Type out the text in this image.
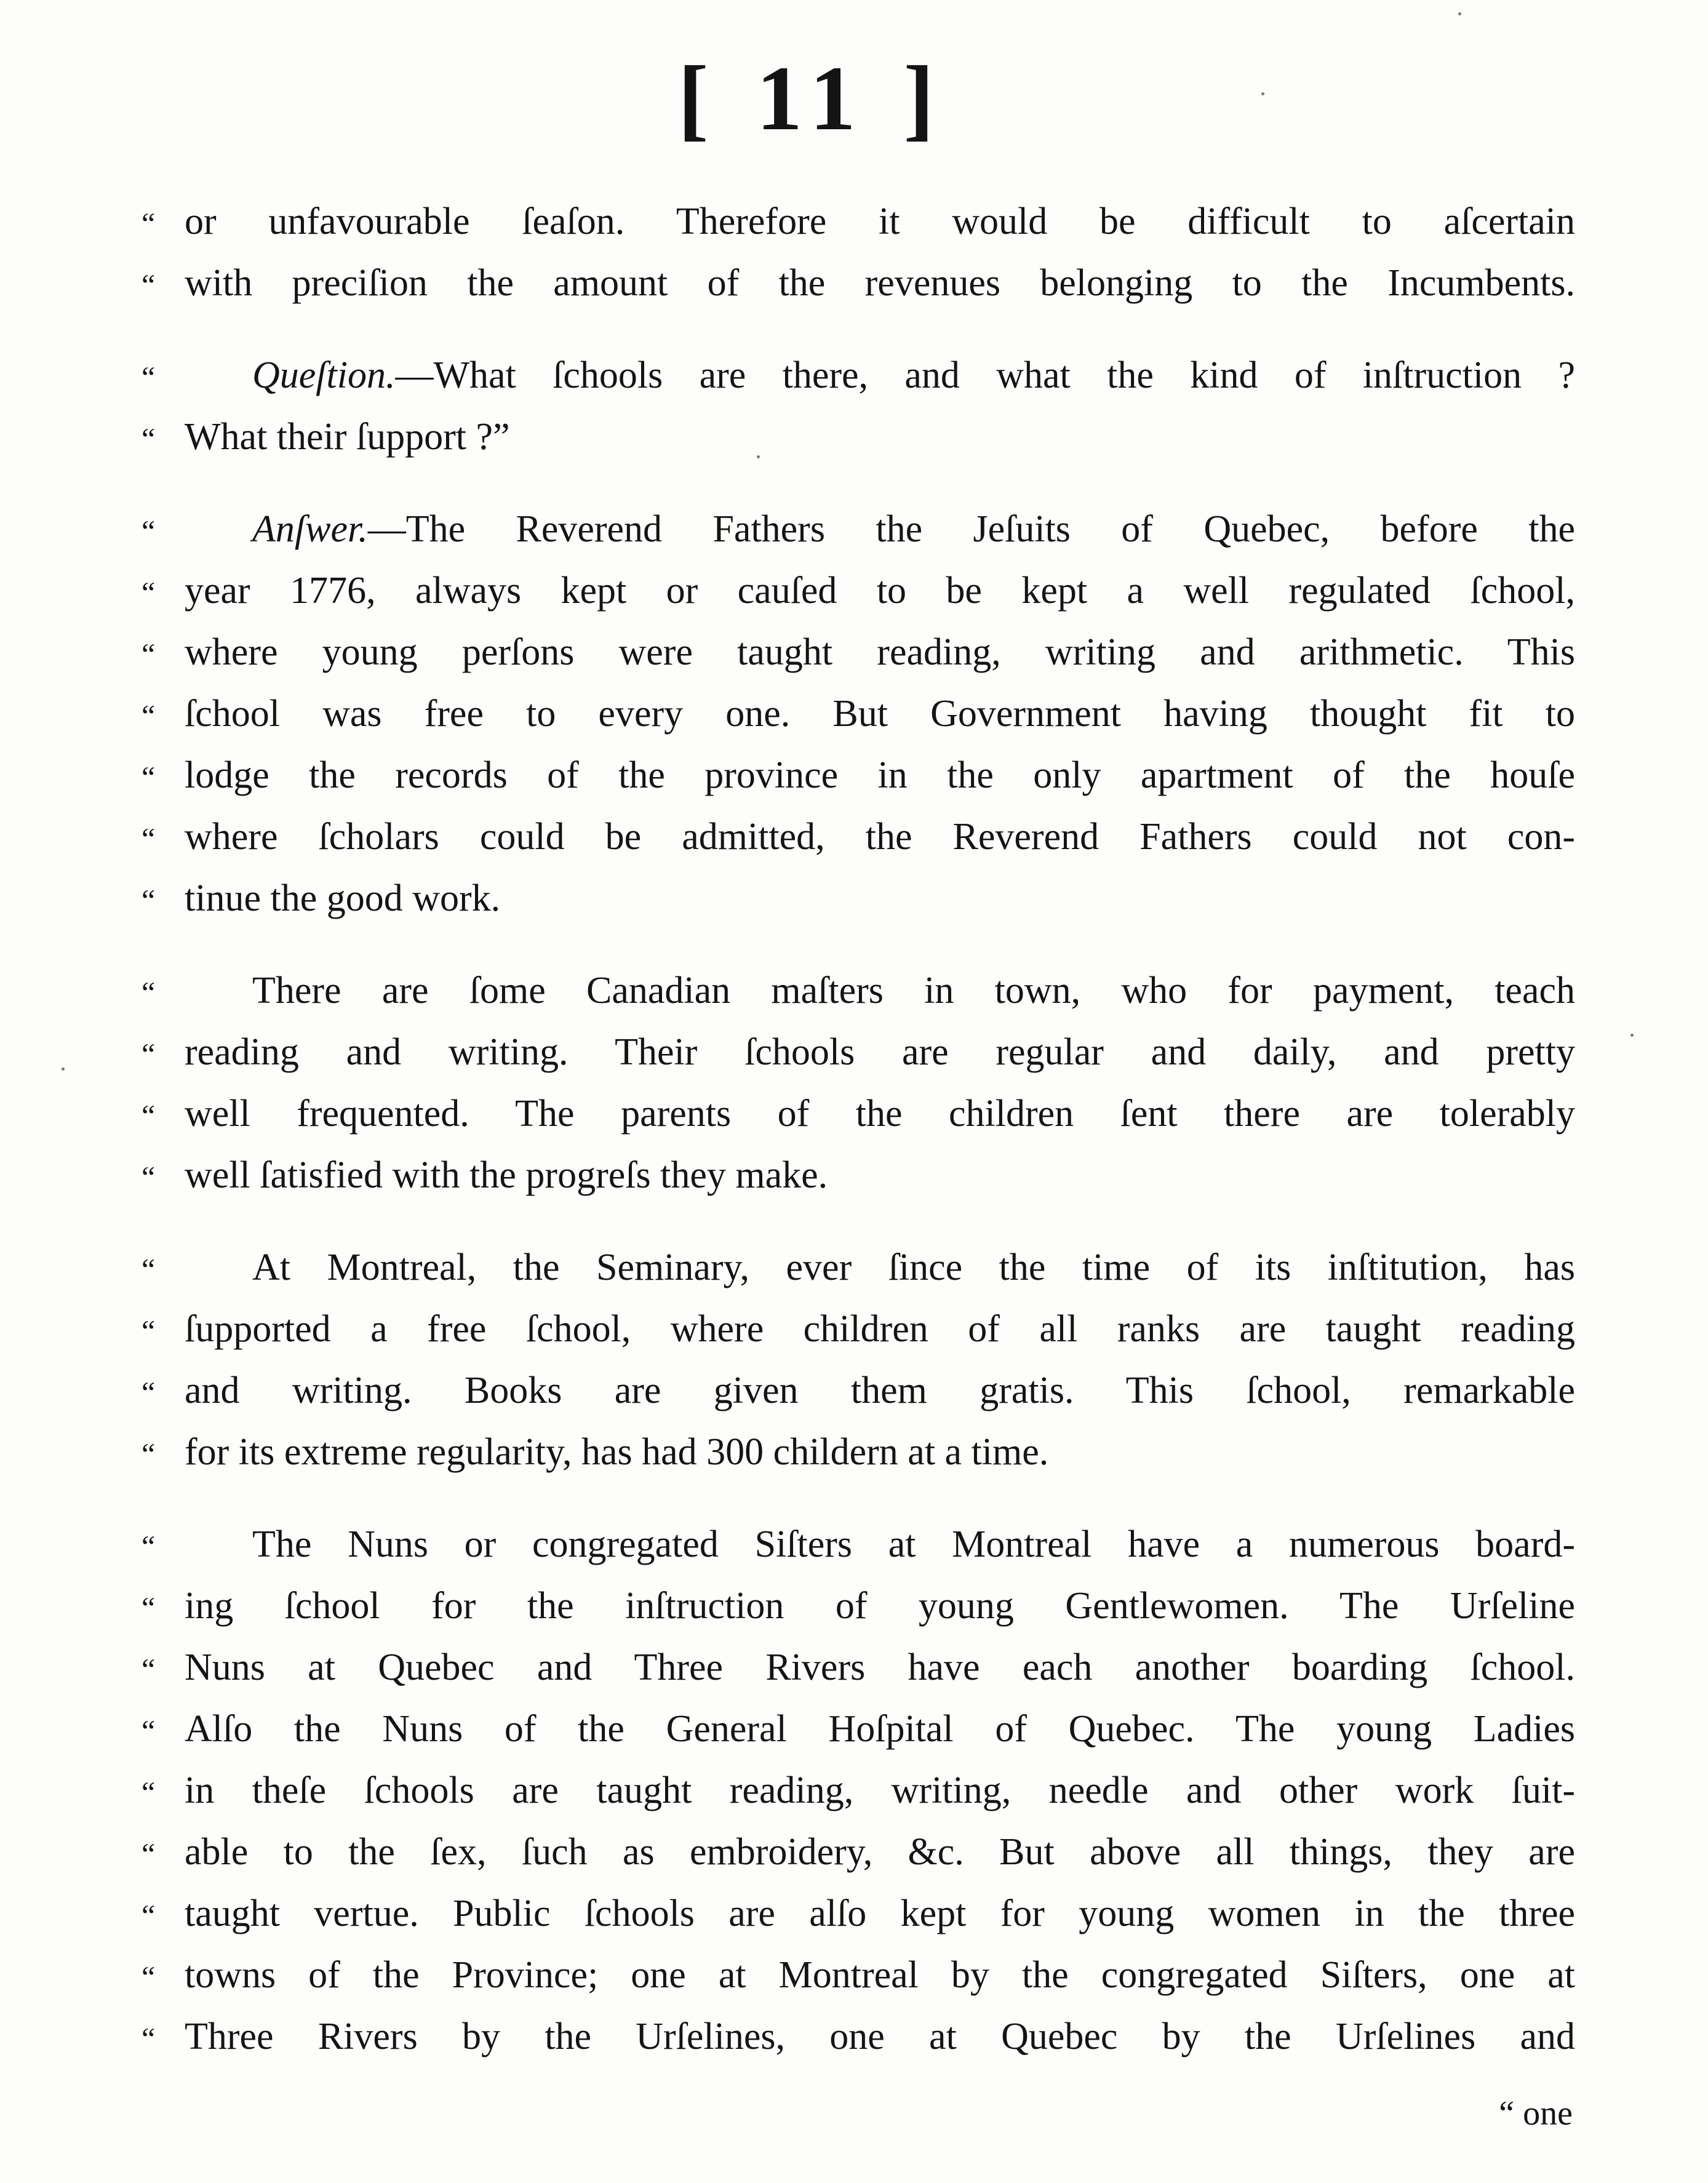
[ 11 ]
“ or unfavourable ſeaſon. Therefore it would be difficult to aſcertain
“ with preciſion the amount of the revenues belonging to the Incumbents.
“	Queſtion.—What ſchools are there, and what the kind of inſtruction ?
“ What their ſupport ?”
“	Anſwer.—The Reverend Fathers the Jeſuits of Quebec, before the
“ year 1776, always kept or cauſed to be kept a well regulated ſchool,
“ where young perſons were taught reading, writing and arithmetic. This
“ ſchool was free to every one. But Government having thought fit to
“ lodge the records of the province in the only apartment of the houſe
“ where ſcholars could be admitted, the Reverend Fathers could not con-
“ tinue the good work.
“	There are ſome Canadian maſters in town, who for payment, teach
“ reading and writing. Their ſchools are regular and daily, and pretty
“ well frequented. The parents of the children ſent there are tolerably
“ well ſatisfied with the progreſs they make.
“	At Montreal, the Seminary, ever ſince the time of its inſtitution, has
“ ſupported a free ſchool, where children of all ranks are taught reading
“ and writing. Books are given them gratis. This ſchool, remarkable
“ for its extreme regularity, has had 300 childern at a time.
“	The Nuns or congregated Siſters at Montreal have a numerous board-
“ ing ſchool for the inſtruction of young Gentlewomen. The Urſeline
“ Nuns at Quebec and Three Rivers have each another boarding ſchool.
“ Alſo the Nuns of the General Hoſpital of Quebec. The young Ladies
“ in theſe ſchools are taught reading, writing, needle and other work ſuit-
“ able to the ſex, ſuch as embroidery, &c. But above all things, they are
“ taught vertue. Public ſchools are alſo kept for young women in the three
“ towns of the Province; one at Montreal by the congregated Siſters, one at
“ Three Rivers by the Urſelines, one at Quebec by the Urſelines and
“ one
